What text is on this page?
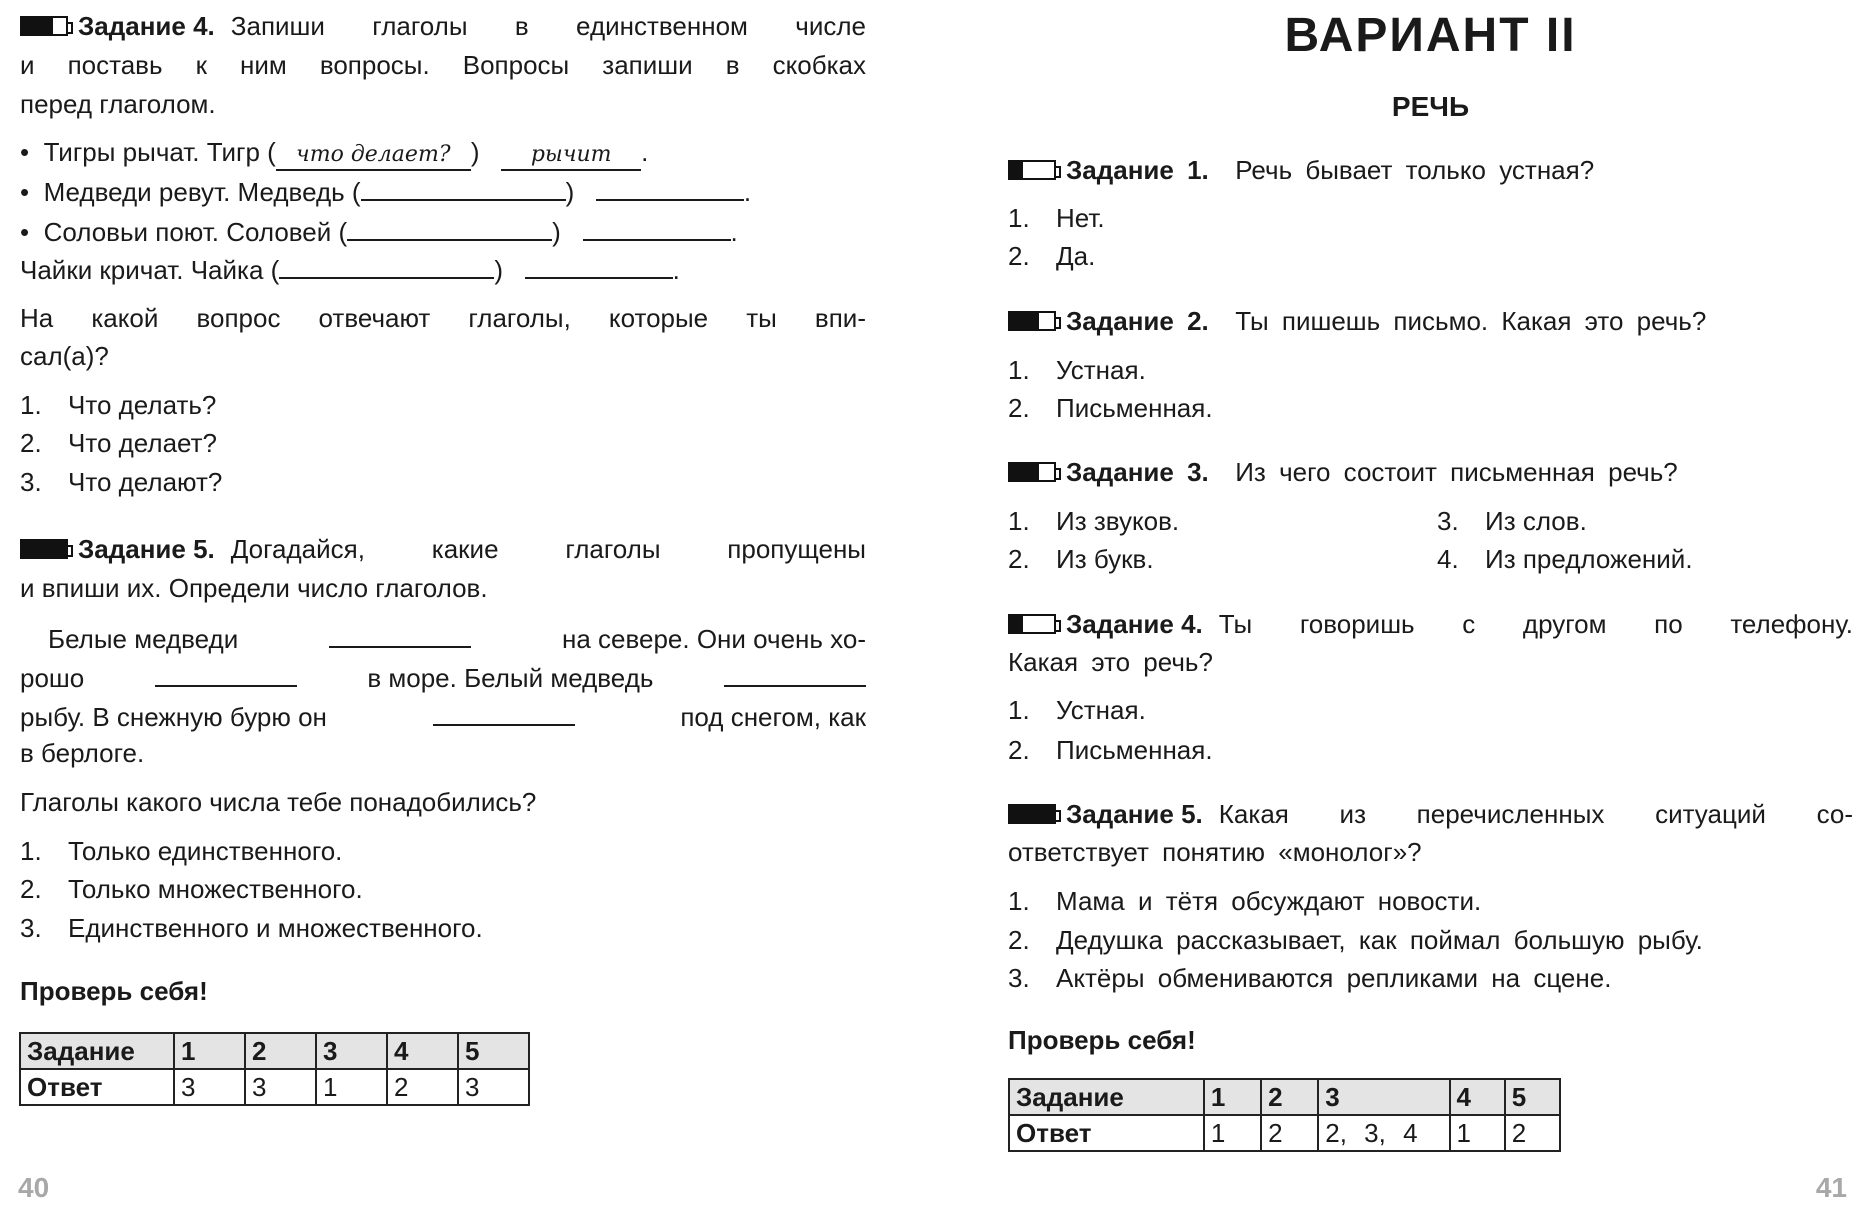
Задание 4. Запиши глаголы в единственном числе
и поставь к ним вопросы. Вопросы запиши в скобках
перед глаголом.
• Тигры рычат. Тигр ( что делает? ) рычит .
• Медведи ревут. Медведь (	)	.
• Соловьи поют. Соловей (	)	.
Чайки кричат. Чайка (	)	.
На какой вопрос отвечают глаголы, которые ты впи-
сал(а)?
1. Что делать?
2. Что делает?
3. Что делают?
Задание 5. Догадайся, какие глаголы пропущены
и впиши их. Определи число глаголов.
Белые медведи	на севере. Они очень хо-
рошо	в море. Белый медведь
рыбу. В снежную бурю он	под снегом, как
в берлоге.
Глаголы какого числа тебе понадобились?
1. Только единственного.
2. Только множественного.
3. Единственного и множественного.
Проверь себя!
Задание	1	2	3	4	5
Ответ	3	3	1	2	3
40
ВАРИАНТ II
РЕЧЬ
Задание 1. Речь бывает только устная?
1. Нет.
2. Да.
Задание 2. Ты пишешь письмо. Какая это речь?
1. Устная.
2. Письменная.
Задание 3. Из чего состоит письменная речь?
1. Из звуков.
2. Из букв.
3. Из слов.
4. Из предложений.
Задание 4. Ты говоришь с другом по телефону.
Какая это речь?
1. Устная.
2. Письменная.
Задание 5. Какая из перечисленных ситуаций со-
ответствует понятию «монолог»?
1. Мама и тётя обсуждают новости.
2. Дедушка рассказывает, как поймал большую рыбу.
3. Актёры обмениваются репликами на сцене.
Проверь себя!
Задание	1	2	3	4	5
Ответ	1	2	2, 3, 4	1	2
41
